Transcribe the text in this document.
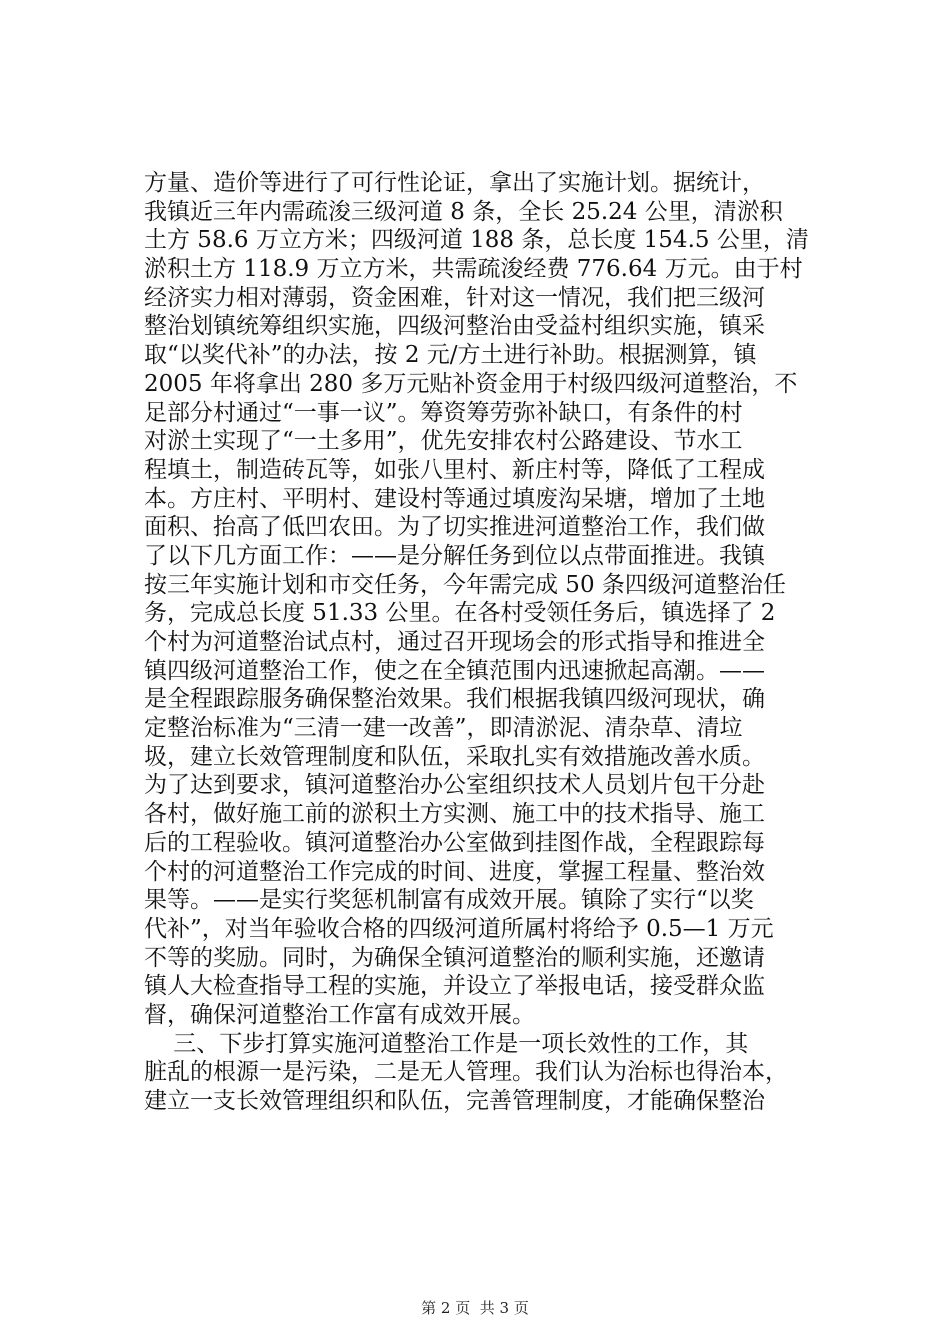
方量、造价等进行了可行性论证，拿出了实施计划。据统计，
我镇近三年内需疏浚三级河道 8 条，全长 25.24 公里，清淤积
土方 58.6 万立方米；四级河道 188 条，总长度 154.5 公里，清
淤积土方 118.9 万立方米，共需疏浚经费 776.64 万元。由于村
经济实力相对薄弱，资金困难，针对这一情况，我们把三级河
整治划镇统筹组织实施，四级河整治由受益村组织实施，镇采
取“以奖代补”的办法，按 2 元/方土进行补助。根据测算，镇
2005 年将拿出 280 多万元贴补资金用于村级四级河道整治，不
足部分村通过“一事一议”。筹资筹劳弥补缺口，有条件的村
对淤土实现了“一土多用”，优先安排农村公路建设、节水工
程填土，制造砖瓦等，如张八里村、新庄村等，降低了工程成
本。方庄村、平明村、建设村等通过填废沟呆塘，增加了土地
面积、抬高了低凹农田。为了切实推进河道整治工作，我们做
了以下几方面工作：——是分解任务到位以点带面推进。我镇
按三年实施计划和市交任务，今年需完成 50 条四级河道整治任
务，完成总长度 51.33 公里。在各村受领任务后，镇选择了 2
个村为河道整治试点村，通过召开现场会的形式指导和推进全
镇四级河道整治工作，使之在全镇范围内迅速掀起高潮。——
是全程跟踪服务确保整治效果。我们根据我镇四级河现状，确
定整治标准为“三清一建一改善”，即清淤泥、清杂草、清垃
圾，建立长效管理制度和队伍，采取扎实有效措施改善水质。
为了达到要求，镇河道整治办公室组织技术人员划片包干分赴
各村，做好施工前的淤积土方实测、施工中的技术指导、施工
后的工程验收。镇河道整治办公室做到挂图作战，全程跟踪每
个村的河道整治工作完成的时间、进度，掌握工程量、整治效
果等。——是实行奖惩机制富有成效开展。镇除了实行“以奖
代补”，对当年验收合格的四级河道所属村将给予 0.5—1 万元
不等的奖励。同时，为确保全镇河道整治的顺利实施，还邀请
镇人大检查指导工程的实施，并设立了举报电话，接受群众监
督，确保河道整治工作富有成效开展。
三、下步打算实施河道整治工作是一项长效性的工作，其
脏乱的根源一是污染，二是无人管理。我们认为治标也得治本，
建立一支长效管理组织和队伍，完善管理制度，才能确保整治
第 2 页  共 3 页
